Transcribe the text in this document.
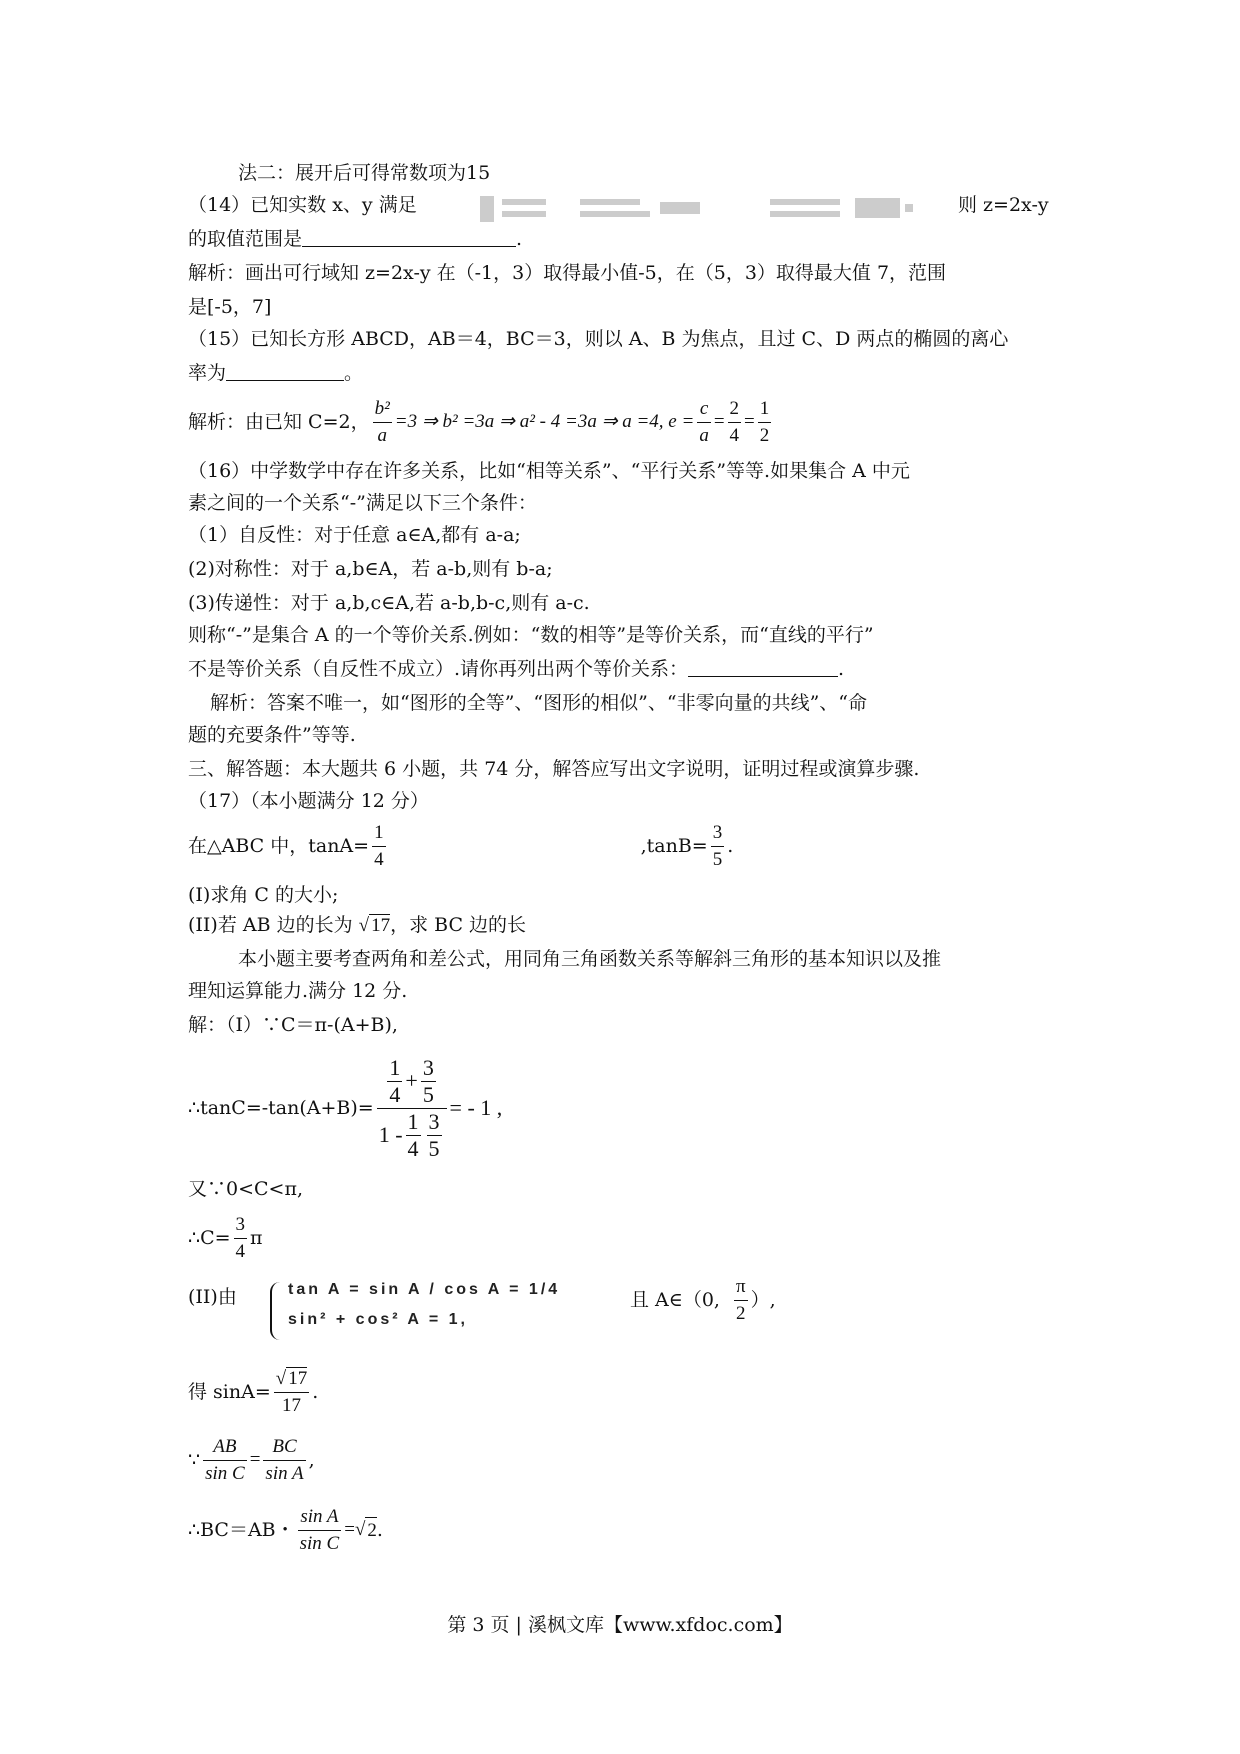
法二：展开后可得常数项为15
（14）已知实数 x、y 满足	则 z=2x-y
的取值范围是	.
解析：画出可行域知 z=2x-y 在（-1，3）取得最小值-5，在（5，3）取得最大值 7，范围
是[-5，7]
（15）已知长方形 ABCD，AB＝4，BC＝3，则以 A、B 为焦点，且过 C、D 两点的椭圆的离心
率为	。
解析：由已知 C=2， $\frac{\text{b²}}{a} =3$ ⇒ b² =3a ⇒ a² - 4 =3a ⇒ a =4, $e = \frac{c}{a} = \frac{2}{4} = \frac{1}{2}$
（16）中学数学中存在许多关系，比如“相等关系”、“平行关系”等等.如果集合 A 中元
素之间的一个关系“-”满足以下三个条件：
（1）自反性：对于任意 a∈A,都有 a-a;
(2)对称性：对于 a,b∈A，若 a-b,则有 b-a;
(3)传递性：对于 a,b,c∈A,若 a-b,b-c,则有 a-c.
则称“-”是集合 A 的一个等价关系.例如：“数的相等”是等价关系，而“直线的平行”
不是等价关系（自反性不成立）.请你再列出两个等价关系：	.
解析：答案不唯一，如“图形的全等”、“图形的相似”、“非零向量的共线”、“命
题的充要条件”等等.
三、解答题：本大题共 6 小题，共 74 分，解答应写出文字说明，证明过程或演算步骤.
（17）（本小题满分 12 分）
在△ABC 中，$\tan A= \frac{1}{4}$	$,\tan B= \frac{3}{5}$ .
(I)求角 C 的大小;
(II)若 AB 边的长为 √ 17，求 BC 边的长
本小题主要考查两角和差公式，用同角三角函数关系等解斜三角形的基本知识以及推
理知运算能力.满分 12 分.
解：（I）∵C＝π-(A+B),
∴tanC=-tan(A+B)= $\frac{\frac{1}{4} + \frac{3}{5}}{1 - \frac{1}{4} \frac{3}{5}}$ = - 1 ,
又∵0<C<π,
∴C= $\frac{3}{4}$ π
(II)由	tan A = sin A / cos A = 1/4
sin² + cos² A = 1,
且 A∈（0, $\frac{\pi}{2}$ ）,
得 $\sin A= \frac{√ 17}{17}$ .
∵ $\frac{AB}{\text{sin C}} = \frac{BC}{\text{sin A}}$ ,
∴BC＝AB・ $\frac{\text{sin A}}{\text{sin C}}$ = √ 2 .
第 3 页 | 溪枫文库【www.xfdoc.com】
